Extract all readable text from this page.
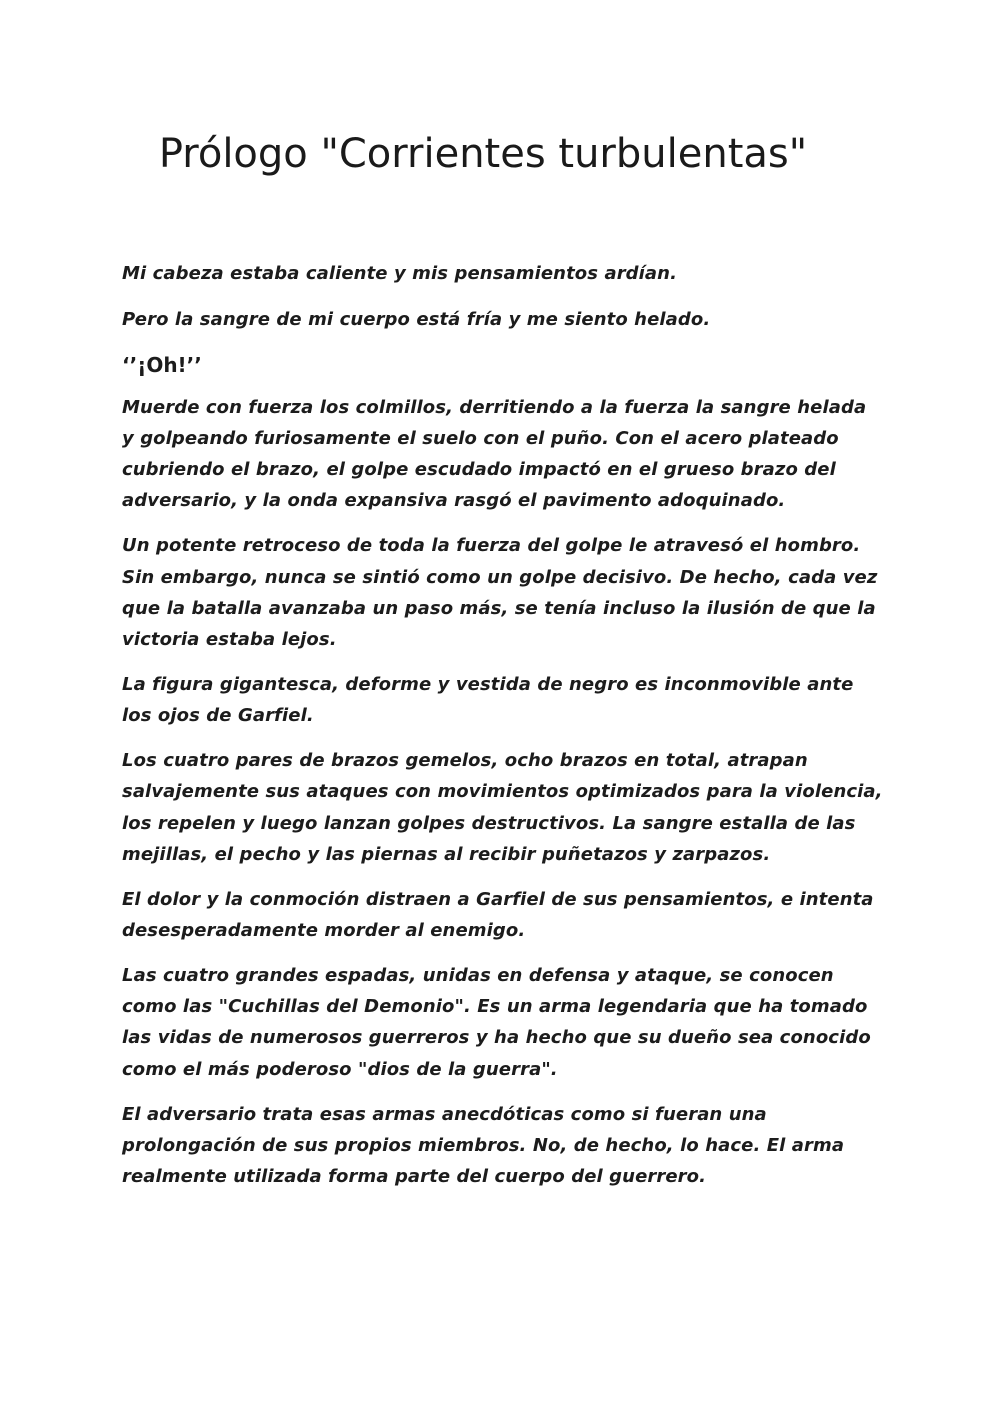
Prólogo "Corrientes turbulentas"

Mi cabeza estaba caliente y mis pensamientos ardían.

Pero la sangre de mi cuerpo está fría y me siento helado.

‘’¡Oh!’’

Muerde con fuerza los colmillos, derritiendo a la fuerza la sangre helada y golpeando furiosamente el suelo con el puño. Con el acero plateado cubriendo el brazo, el golpe escudado impactó en el grueso brazo del adversario, y la onda expansiva rasgó el pavimento adoquinado.

Un potente retroceso de toda la fuerza del golpe le atravesó el hombro. Sin embargo, nunca se sintió como un golpe decisivo. De hecho, cada vez que la batalla avanzaba un paso más, se tenía incluso la ilusión de que la victoria estaba lejos.

La figura gigantesca, deforme y vestida de negro es inconmovible ante los ojos de Garfiel.

Los cuatro pares de brazos gemelos, ocho brazos en total, atrapan salvajemente sus ataques con movimientos optimizados para la violencia, los repelen y luego lanzan golpes destructivos. La sangre estalla de las mejillas, el pecho y las piernas al recibir puñetazos y zarpazos.

El dolor y la conmoción distraen a Garfiel de sus pensamientos, e intenta desesperadamente morder al enemigo.

Las cuatro grandes espadas, unidas en defensa y ataque, se conocen como las "Cuchillas del Demonio". Es un arma legendaria que ha tomado las vidas de numerosos guerreros y ha hecho que su dueño sea conocido como el más poderoso "dios de la guerra".

El adversario trata esas armas anecdóticas como si fueran una prolongación de sus propios miembros. No, de hecho, lo hace. El arma realmente utilizada forma parte del cuerpo del guerrero.
